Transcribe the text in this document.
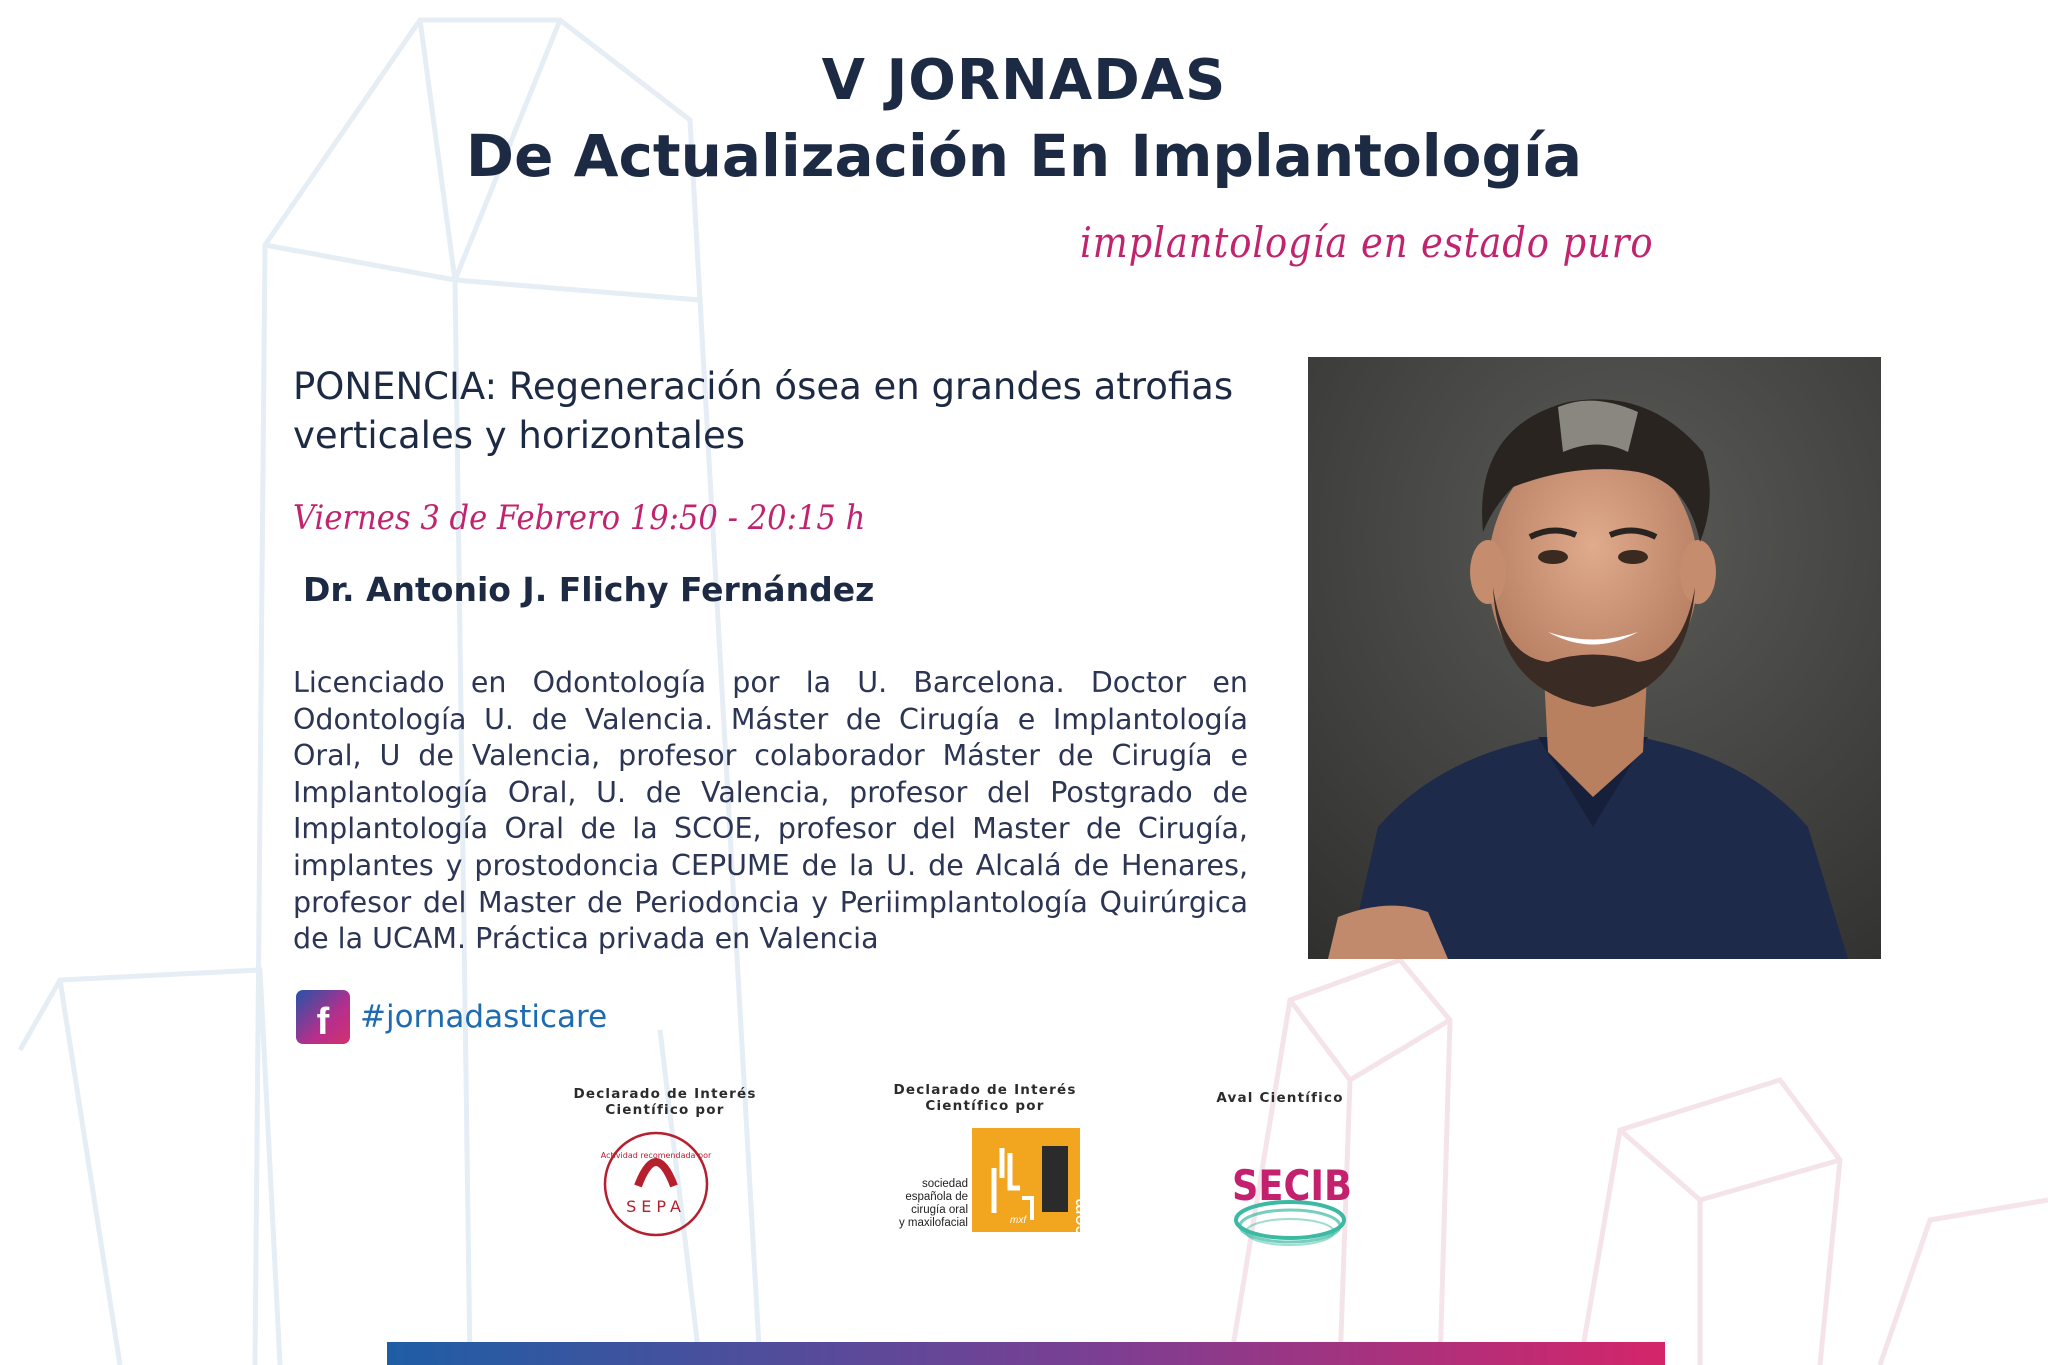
V JORNADAS
De Actualización En Implantología
implantología en estado puro
PONENCIA: Regeneración ósea en grandes atrofias verticales y horizontales
Viernes 3 de Febrero 19:50 - 20:15 h
Dr. Antonio J. Flichy Fernández
Licenciado en Odontología por la U. Barcelona. Doctor en Odontología U. de Valencia. Máster de Cirugía e Implantología Oral, U de Valencia, profesor colaborador Máster de Cirugía e Implantología Oral, U. de Valencia, profesor del Postgrado de Implantología Oral de la SCOE, profesor del Master de Cirugía, implantes y prostodoncia CEPUME de la U. de Alcalá de Henares, profesor del Master de Periodoncia y Periimplantología Quirúrgica de la UCAM. Práctica privada en Valencia
f #jornadasticare
Declarado de Interés
Científico por
Actividad recomendada por
SEPA
Declarado de Interés
Científico por
sociedad
española de
cirugía oral
y maxilofacial	secom
mxf
Aval Científico
SECIB
